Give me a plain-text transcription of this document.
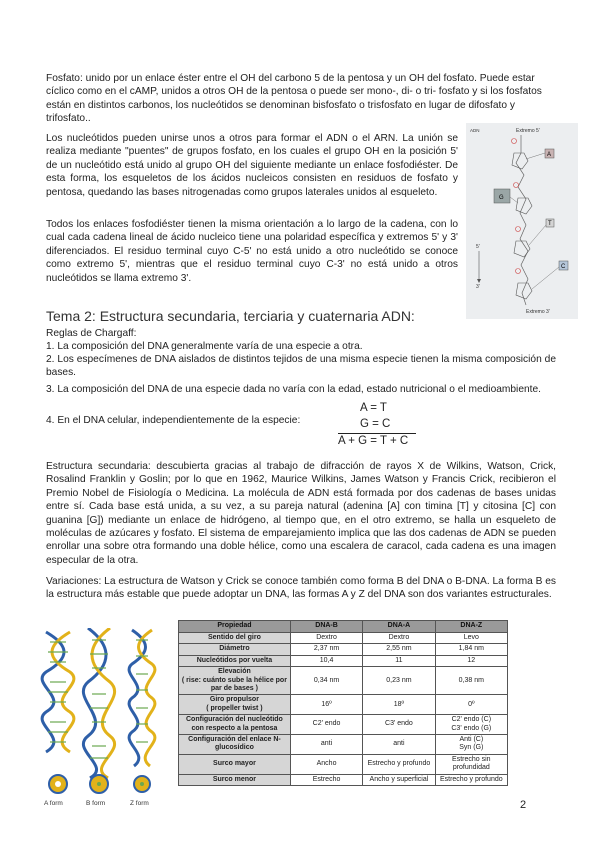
Fosfato: unido por un enlace éster entre el OH del carbono 5 de la pentosa y un OH del fosfato. Puede estar cíclico como en el cAMP, unidos a otros OH de la pentosa o puede ser mono-, di- o tri- fosfato y si los fosfatos están en distintos carbonos, los nucleótidos se denominan bisfosfato o trisfosfato en lugar de difosfato y trifosfato..

Los nucleótidos pueden unirse unos a otros para formar el ADN o el ARN. La unión se realiza mediante "puentes" de grupos fosfato, en los cuales el grupo OH en la posición 5' de un nucleótido está unido al grupo OH del siguiente mediante un enlace fosfodiéster. De esta forma, los esqueletos de los ácidos nucleicos consisten en residuos de fosfato y pentosa, quedando las bases nitrogenadas como grupos laterales unidos al esqueleto.

Todos los enlaces fosfodiéster tienen la misma orientación a lo largo de la cadena, con lo cual cada cadena lineal de ácido nucleico tiene una polaridad específica y extremos 5' y 3' diferenciados. El residuo terminal cuyo C-5' no está unido a otro nucleótido se conoce como extremo 5', mientras que el residuo terminal cuyo C-3' no está unido a otros nucleótidos se llama extremo 3'.

ADN	Extremo 5'
Extremo 3'
5'
3'
A
G
T
C
Tema 2: Estructura secundaria, terciaria y cuaternaria ADN:

Reglas de Chargaff:

1. La composición del DNA generalmente varía de una especie a otra.

2. Los especímenes de DNA aislados de distintos tejidos de una misma especie tienen la misma composición de bases.

3. La composición del DNA de una especie dada no varía con la edad, estado nutricional o el medioambiente.

4. En el DNA celular, independientemente de la especie:

A = T
G = C
A + G = T + C

Estructura secundaria: descubierta gracias al trabajo de difracción de rayos X de Wilkins, Watson, Crick, Rosalind Franklin y Goslin; por lo que en 1962, Maurice Wilkins, James Watson y Francis Crick, recibieron el Premio Nobel de Fisiología o Medicina. La molécula de ADN está formada por dos cadenas de bases unidas entre sí. Cada base está unida, a su vez, a su pareja natural (adenina [A] con timina [T] y citosina [C] con guanina [G]) mediante un enlace de hidrógeno, al tiempo que, en el otro extremo, se halla un esqueleto de moléculas de azúcares y fosfato. El sistema de emparejamiento implica que las dos cadenas de ADN se pueden enrollar una sobre otra formando una doble hélice, como una escalera de caracol, cada cadena es una imagen especular de la otra.

Variaciones: La estructura de Watson y Crick se conoce también como forma B del DNA o B-DNA. La forma B es la estructura más estable que puede adoptar un DNA, las formas A y Z del DNA son dos variantes estructurales.

A form	B form	Z form
Propiedad	DNA-B	DNA-A	DNA-Z
Sentido del giro	Dextro	Dextro	Levo
Diámetro	2,37 nm	2,55 nm	1,84 nm
Nucleótidos por vuelta	10,4	11	12
Elevación
( rise: cuánto sube la hélice por par de bases )	0,34 nm	0,23 nm	0,38 nm
Giro propulsor
( propeller twist )	16º	18º	0º
Configuración del nucleótido con respecto a la pentosa	C2' endo	C3' endo	C2' endo (C)
C3' endo (G)
Configuración del enlace N-glucosídico	anti	anti	Anti (C)
Syn (G)
Surco mayor	Ancho	Estrecho y profundo	Estrecho sin profundidad
Surco menor	Estrecho	Ancho y superficial	Estrecho y profundo
2
